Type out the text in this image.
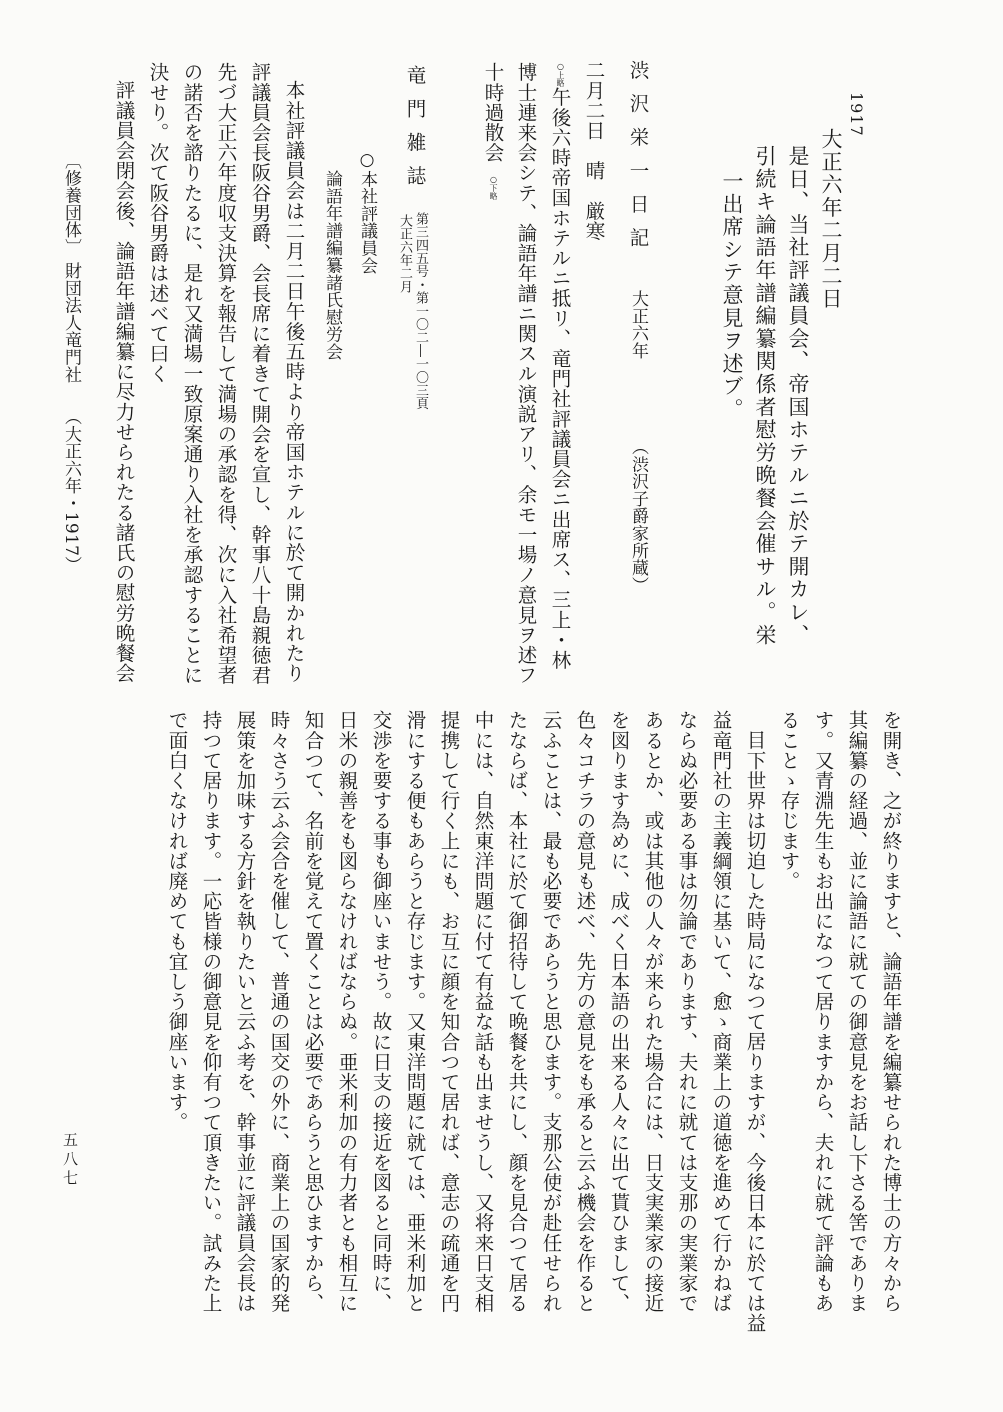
1917
大正六年二月二日
是日、当社評議員会、帝国ホテルニ於テ開カレ、
引続キ論語年譜編纂関係者慰労晩餐会催サル。栄
一出席シテ意見ヲ述ブ。
渋沢栄一日記
大正六年
（渋沢子爵家所蔵）
二月二日　晴　厳寒
○上略
午後六時帝国ホテルニ抵リ、竜門社評議員会ニ出席ス、三上・林
博士連来会シテ、論語年譜ニ関スル演説アリ、余モ一場ノ意見ヲ述フ
十時過散会
○下略
竜門雑誌
第三四五号・第一〇二―一〇三頁
大正六年二月
○本社評議員会
論語年譜編纂諸氏慰労会
本社評議員会は二月二日午後五時より帝国ホテルに於て開かれたり
評議員会長阪谷男爵、会長席に着きて開会を宣し、幹事八十島親徳君
先づ大正六年度収支決算を報告して満場の承認を得、次に入社希望者
の諾否を諮りたるに、是れ又満場一致原案通り入社を承認することに
決せり。次て阪谷男爵は述べて曰く
評議員会閉会後、論語年譜編纂に尽力せられたる諸氏の慰労晩餐会
〔修養団体〕
財団法人竜門社
（大正六年・1917）
を開き、之が終りますと、論語年譜を編纂せられた博士の方々から
其編纂の経過、並に論語に就ての御意見をお話し下さる筈でありま
す。又青淵先生もお出になつて居りますから、夫れに就て評論もあ
ることゝ存じます。
目下世界は切迫した時局になつて居りますが、今後日本に於ては益
益竜門社の主義綱領に基いて、愈ゝ商業上の道徳を進めて行かねば
ならぬ必要ある事は勿論であります、夫れに就ては支那の実業家で
あるとか、或は其他の人々が来られた場合には、日支実業家の接近
を図ります為めに、成べく日本語の出来る人々に出て貰ひまして、
色々コチラの意見も述べ、先方の意見をも承ると云ふ機会を作ると
云ふことは、最も必要であらうと思ひます。支那公使が赴任せられ
たならば、本社に於て御招待して晩餐を共にし、顔を見合つて居る
中には、自然東洋問題に付て有益な話も出ませうし、又将来日支相
提携して行く上にも、お互に顔を知合つて居れば、意志の疏通を円
滑にする便もあらうと存じます。又東洋問題に就ては、亜米利加と
交渉を要する事も御座いませう。故に日支の接近を図ると同時に、
日米の親善をも図らなければならぬ。亜米利加の有力者とも相互に
知合つて、名前を覚えて置くことは必要であらうと思ひますから、
時々さう云ふ会合を催して、普通の国交の外に、商業上の国家的発
展策を加味する方針を執りたいと云ふ考を、幹事並に評議員会長は
持つて居ります。一応皆様の御意見を仰有つて頂きたい。試みた上
で面白くなければ廃めても宜しう御座います。
五八七
